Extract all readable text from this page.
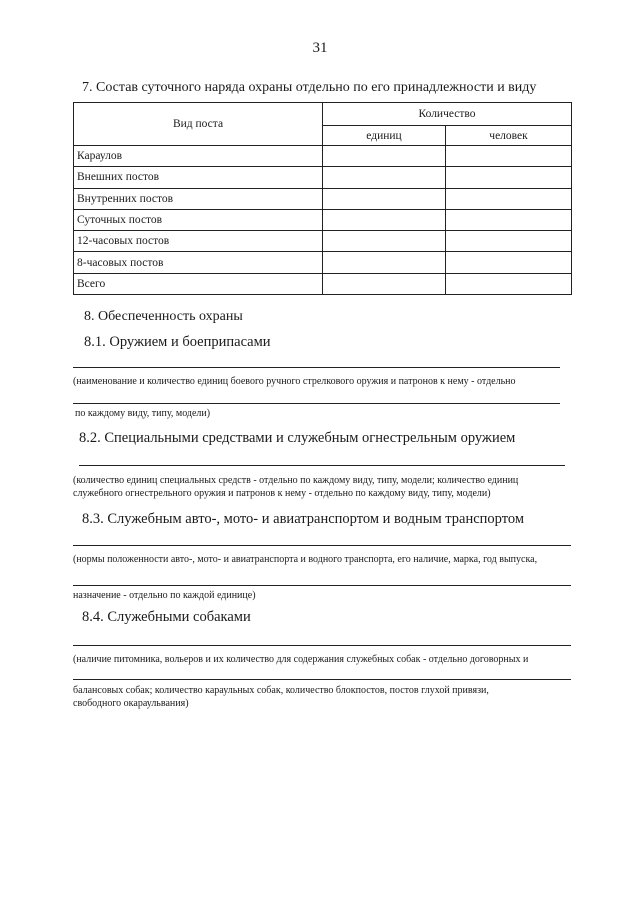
31
7. Состав суточного наряда охраны отдельно по его принадлежности и виду
Вид поста	Количество	
	единиц	человек
Караулов		
Внешних постов		
Внутренних постов		
Суточных постов		
12-часовых постов		
8-часовых постов		
Всего		
8. Обеспеченность охраны
8.1. Оружием и боеприпасами
(наименование и количество единиц боевого ручного стрелкового оружия и патронов к нему - отдельно
по каждому виду, типу, модели)
8.2. Специальными средствами и служебным огнестрельным оружием
(количество единиц специальных средств - отдельно по каждому виду, типу, модели; количество единиц
служебного огнестрельного оружия и патронов к нему - отдельно по каждому виду, типу, модели)
8.3. Служебным авто-, мото- и авиатранспортом и водным транспортом
(нормы положенности авто-, мото- и авиатранспорта и водного транспорта, его наличие, марка, год выпуска,
назначение - отдельно по каждой единице)
8.4. Служебными собаками
(наличие питомника, вольеров и их количество для содержания служебных собак - отдельно договорных и
балансовых собак; количество караульных собак, количество блокпостов, постов глухой привязи,
свободного окараульвания)
